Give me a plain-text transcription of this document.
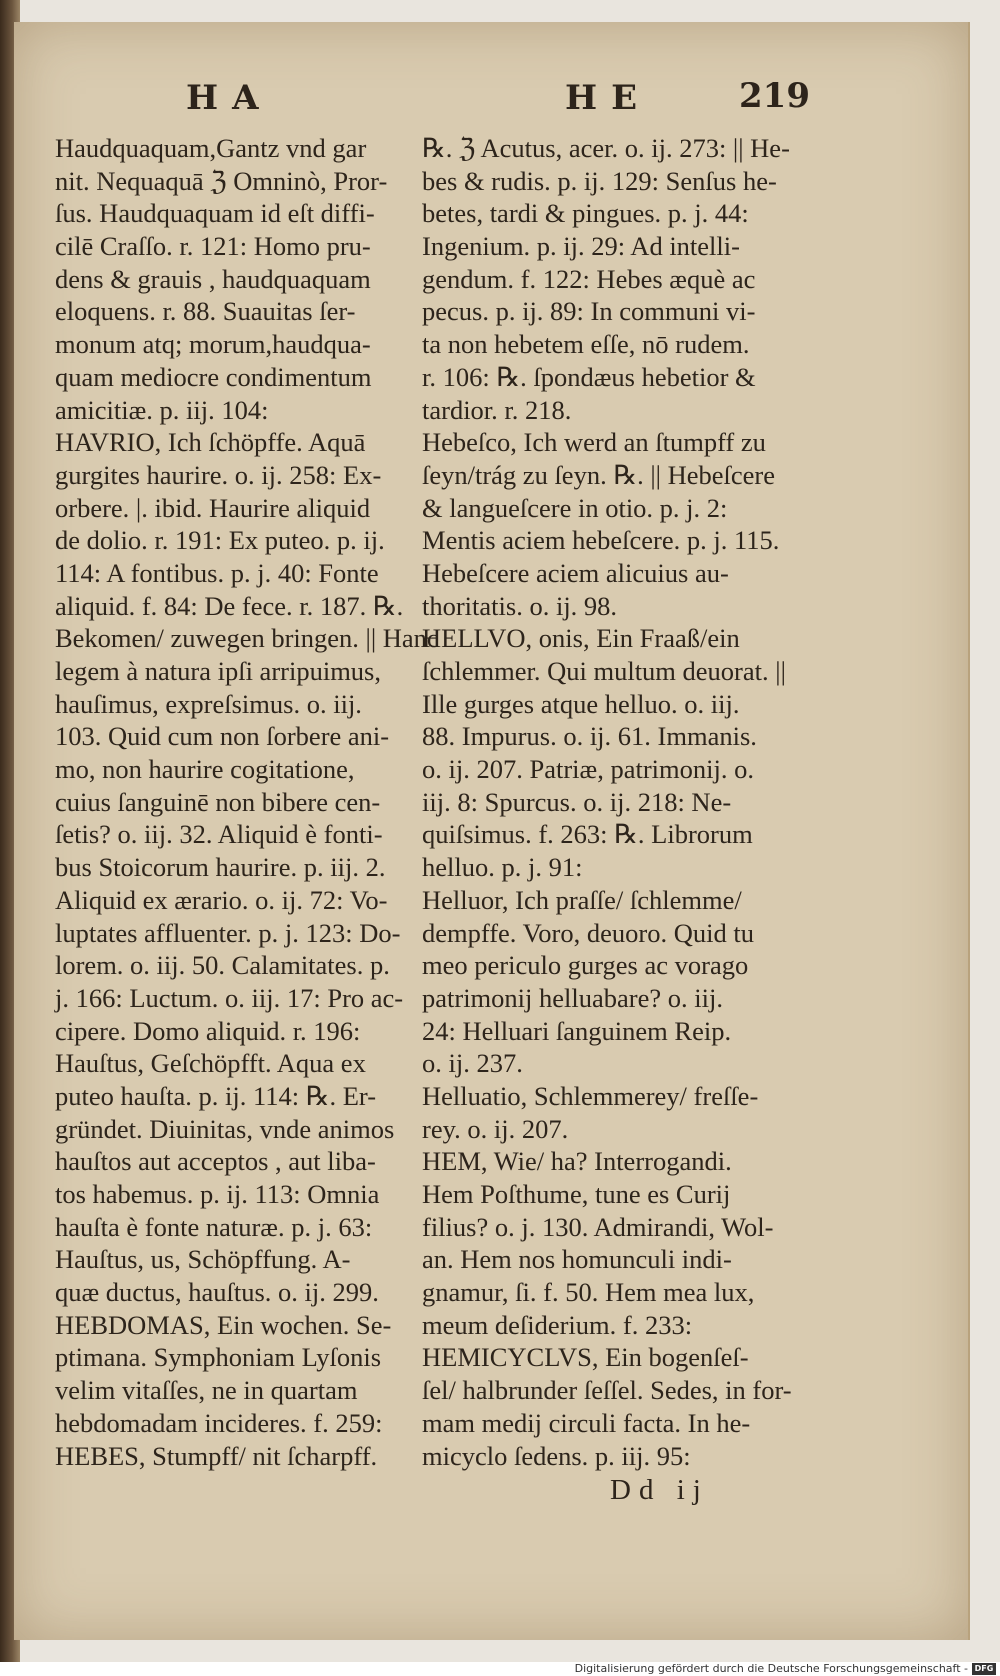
HA	HE	219
Haudquaquam,Gantz vnd gar
nit. Nequaquā ℨ Omninò, Pror-
ſus. Haudquaquam id eſt diffi-
cilē Craſſo. r. 121: Homo pru-
dens & grauis , haudquaquam
eloquens. r. 88. Suauitas ſer-
monum atq; morum,haudqua-
quam mediocre condimentum
amicitiæ. p. iij. 104:
HAVRIO, Ich ſchöpffe. Aquā
gurgites haurire. o. ij. 258: Ex-
orbere. |. ibid. Haurire aliquid
de dolio. r. 191: Ex puteo. p. ij.
114: A fontibus. p. j. 40: Fonte
aliquid. f. 84: De fece. r. 187. ℞.
Bekomen/ zuwegen bringen. || Hanc
legem à natura ipſi arripuimus,
hauſimus, expreſsimus. o. iij.
103. Quid cum non ſorbere ani-
mo, non haurire cogitatione,
cuius ſanguinē non bibere cen-
ſetis? o. iij. 32. Aliquid è fonti-
bus Stoicorum haurire. p. iij. 2.
Aliquid ex ærario. o. ij. 72: Vo-
luptates affluenter. p. j. 123: Do-
lorem. o. iij. 50. Calamitates. p.
j. 166: Luctum. o. iij. 17: Pro ac-
cipere. Domo aliquid. r. 196:
Hauſtus, Geſchöpfft. Aqua ex
puteo hauſta. p. ij. 114: ℞. Er-
gründet. Diuinitas, vnde animos
hauſtos aut acceptos , aut liba-
tos habemus. p. ij. 113: Omnia
hauſta è fonte naturæ. p. j. 63:
Hauſtus, us, Schöpffung. A-
quæ ductus, hauſtus. o. ij. 299.
HEBDOMAS, Ein wochen. Se-
ptimana. Symphoniam Lyſonis
velim vitaſſes, ne in quartam
hebdomadam incideres. f. 259:
HEBES, Stumpff/ nit ſcharpff.
℞. ℨ Acutus, acer. o. ij. 273: || He-
bes & rudis. p. ij. 129: Senſus he-
betes, tardi & pingues. p. j. 44:
Ingenium. p. ij. 29: Ad intelli-
gendum. f. 122: Hebes æquè ac
pecus. p. ij. 89: In communi vi-
ta non hebetem eſſe, nō rudem.
r. 106: ℞. ſpondæus hebetior &
tardior. r. 218.
Hebeſco, Ich werd an ſtumpff zu
ſeyn/trág zu ſeyn. ℞. || Hebeſcere
& langueſcere in otio. p. j. 2:
Mentis aciem hebeſcere. p. j. 115.
Hebeſcere aciem alicuius au-
thoritatis. o. ij. 98.
HELLVO, onis, Ein Fraaß/ein
ſchlemmer. Qui multum deuorat. ||
Ille gurges atque helluo. o. iij.
88. Impurus. o. ij. 61. Immanis.
o. ij. 207. Patriæ, patrimonij. o.
iij. 8: Spurcus. o. ij. 218: Ne-
quiſsimus. f. 263: ℞. Librorum
helluo. p. j. 91:
Helluor, Ich praſſe/ ſchlemme/
dempffe. Voro, deuoro. Quid tu
meo periculo gurges ac vorago
patrimonij helluabare? o. iij.
24: Helluari ſanguinem Reip.
o. ij. 237.
Helluatio, Schlemmerey/ freſſe-
rey. o. ij. 207.
HEM, Wie/ ha? Interrogandi.
Hem Poſthume, tune es Curij
filius? o. j. 130. Admirandi, Wol-
an. Hem nos homunculi indi-
gnamur, ſi. f. 50. Hem mea lux,
meum deſiderium. f. 233:
HEMICYCLVS, Ein bogenſeſ-
ſel/ halbrunder ſeſſel. Sedes, in for-
mam medij circuli facta. In he-
micyclo ſedens. p. iij. 95:
Dd ij
Digitalisierung gefördert durch die Deutsche Forschungsgemeinschaft - DFG
